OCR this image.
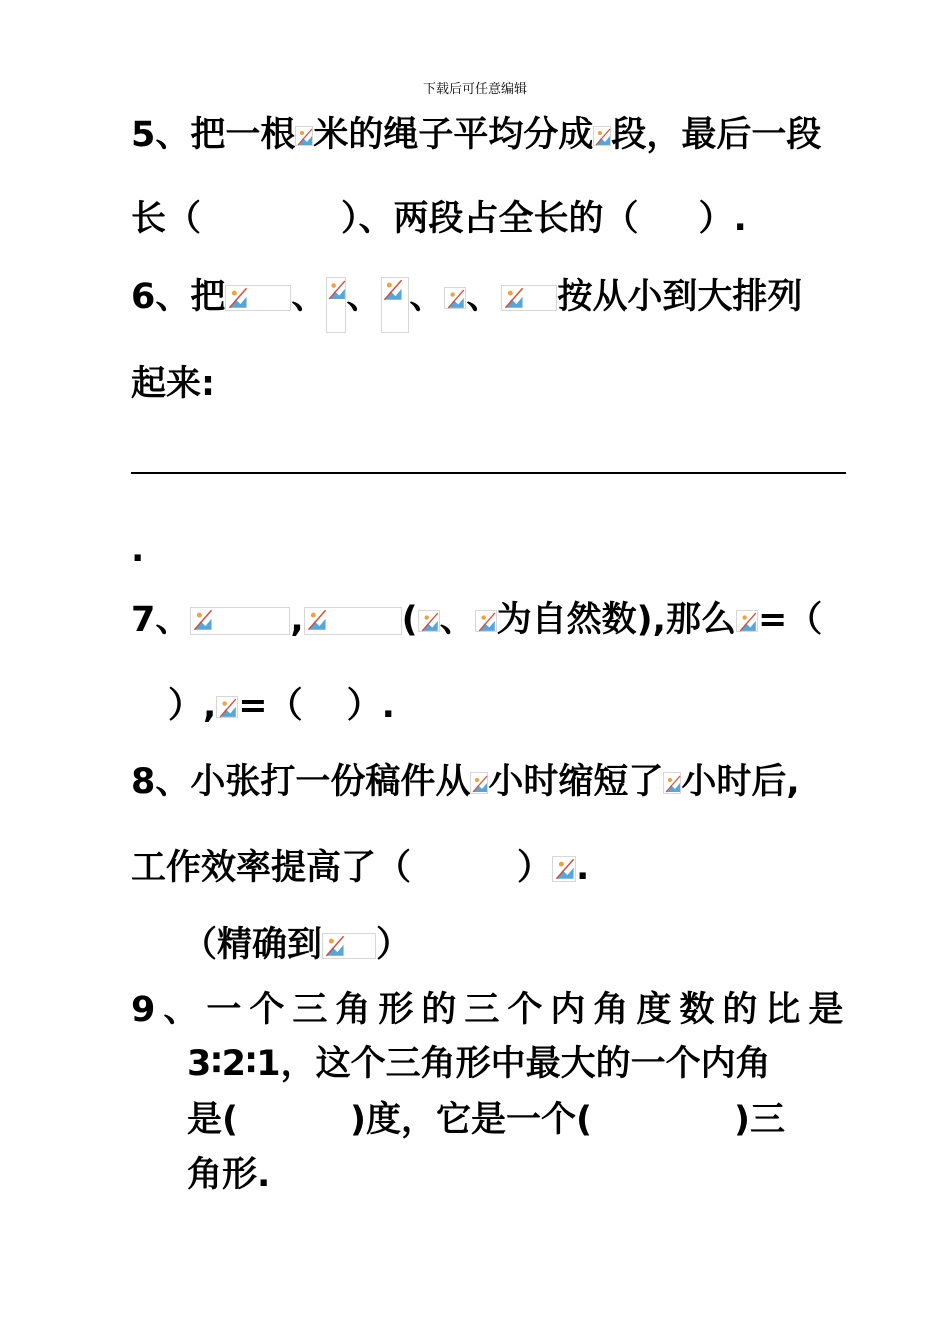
下载后可任意编辑
5、把一根 米的绳子平均分成 段，最后一段
长（	）、两段占全长的（ ）.
6、把 、 、 、 、 按从小到大排列
起来:
.
7、	,	( 、 为自然数),那么 =（
）, =（ ）.
8、小张打一份稿件从 小时缩短了 小时后,
工作效率提高了（	） .
（精确到 ）
9、一个三角形的三个内角度数的比是
3∶2∶1，这个三角形中最大的一个内角
是(	)度，它是一个(	)三
角形.
